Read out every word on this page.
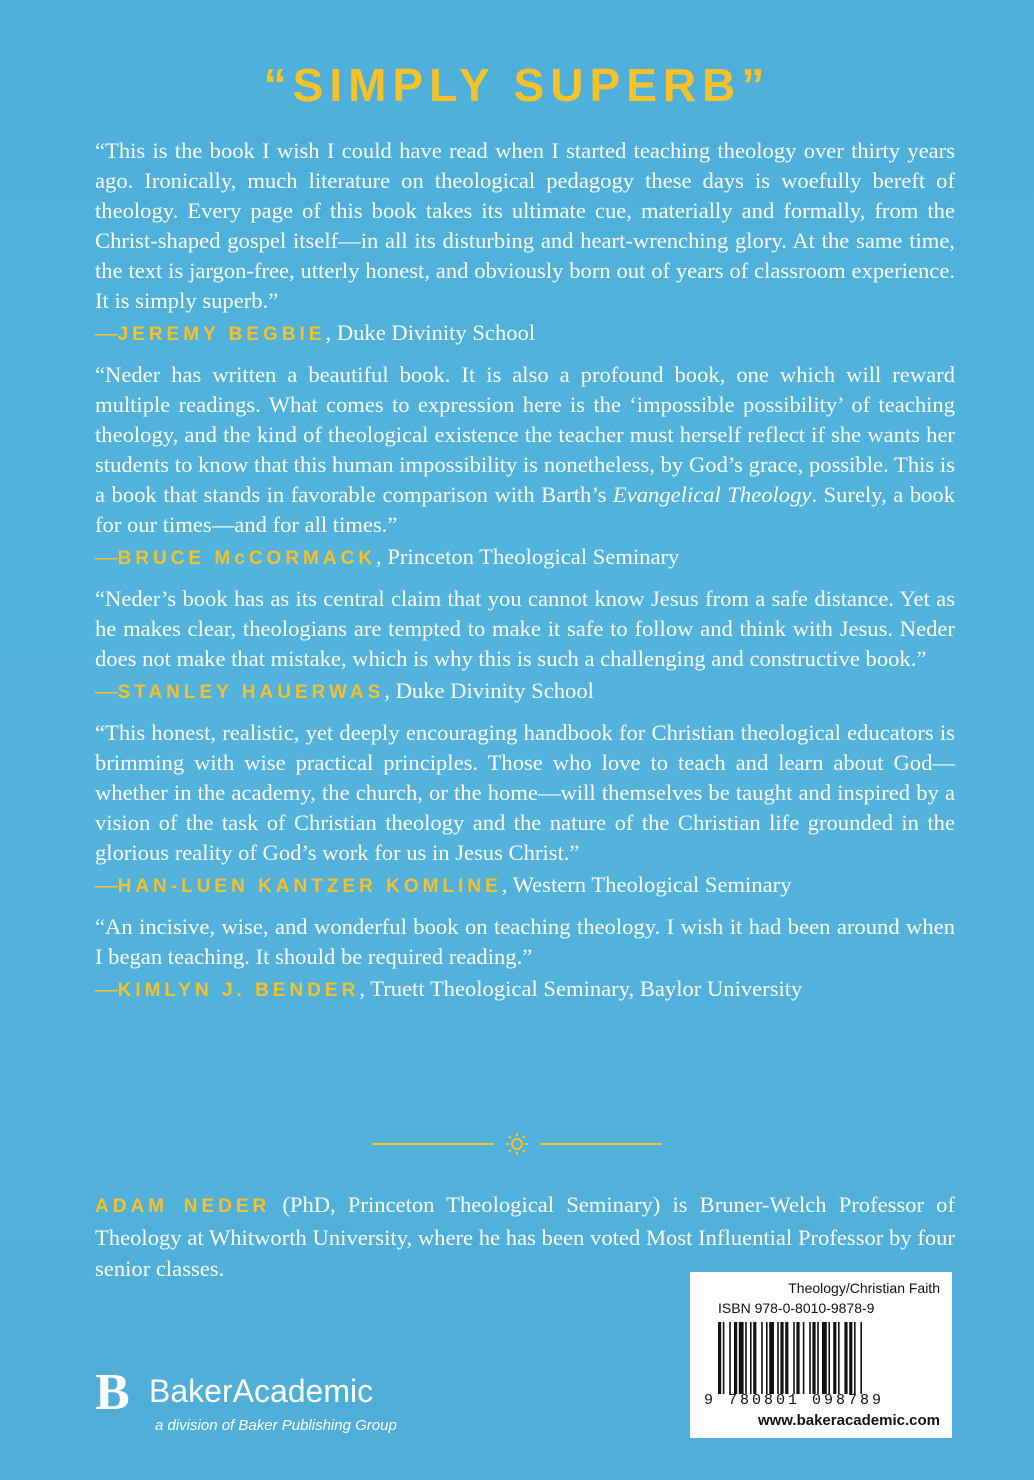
“SIMPLY SUPERB”

“This is the book I wish I could have read when I started teaching theology over thirty years ago. Ironically, much literature on theological pedagogy these days is woefully bereft of theology. Every page of this book takes its ultimate cue, materially and formally, from the Christ-shaped gospel itself—in all its disturbing and heart-wrenching glory. At the same time, the text is jargon-free, utterly honest, and obviously born out of years of classroom experience. It is simply superb.”

—JEREMY BEGBIE, Duke Divinity School

“Neder has written a beautiful book. It is also a profound book, one which will reward multiple readings. What comes to expression here is the ‘impossible possibility’ of teaching theology, and the kind of theological existence the teacher must herself reflect if she wants her students to know that this human impossibility is nonetheless, by God’s grace, possible. This is a book that stands in favorable comparison with Barth’s Evangelical Theology. Surely, a book for our times—and for all times.”

—BRUCE McCORMACK, Princeton Theological Seminary

“Neder’s book has as its central claim that you cannot know Jesus from a safe distance. Yet as he makes clear, theologians are tempted to make it safe to follow and think with Jesus. Neder does not make that mistake, which is why this is such a challenging and constructive book.”

—STANLEY HAUERWAS, Duke Divinity School

“This honest, realistic, yet deeply encouraging handbook for Christian theological educators is brimming with wise practical principles. Those who love to teach and learn about God—whether in the academy, the church, or the home—will themselves be taught and inspired by a vision of the task of Christian theology and the nature of the Christian life grounded in the glorious reality of God’s work for us in Jesus Christ.”

—HAN-LUEN KANTZER KOMLINE, Western Theological Seminary

“An incisive, wise, and wonderful book on teaching theology. I wish it had been around when I began teaching. It should be required reading.”

—KIMLYN J. BENDER, Truett Theological Seminary, Baylor University

ADAM NEDER (PhD, Princeton Theological Seminary) is Bruner-Welch Professor of Theology at Whitworth University, where he has been voted Most Influential Professor by four senior classes.

B BakerAcademic
a division of Baker Publishing Group
Theology/Christian Faith
ISBN 978-0-8010-9878-9
9 780801 098789
www.bakeracademic.com
